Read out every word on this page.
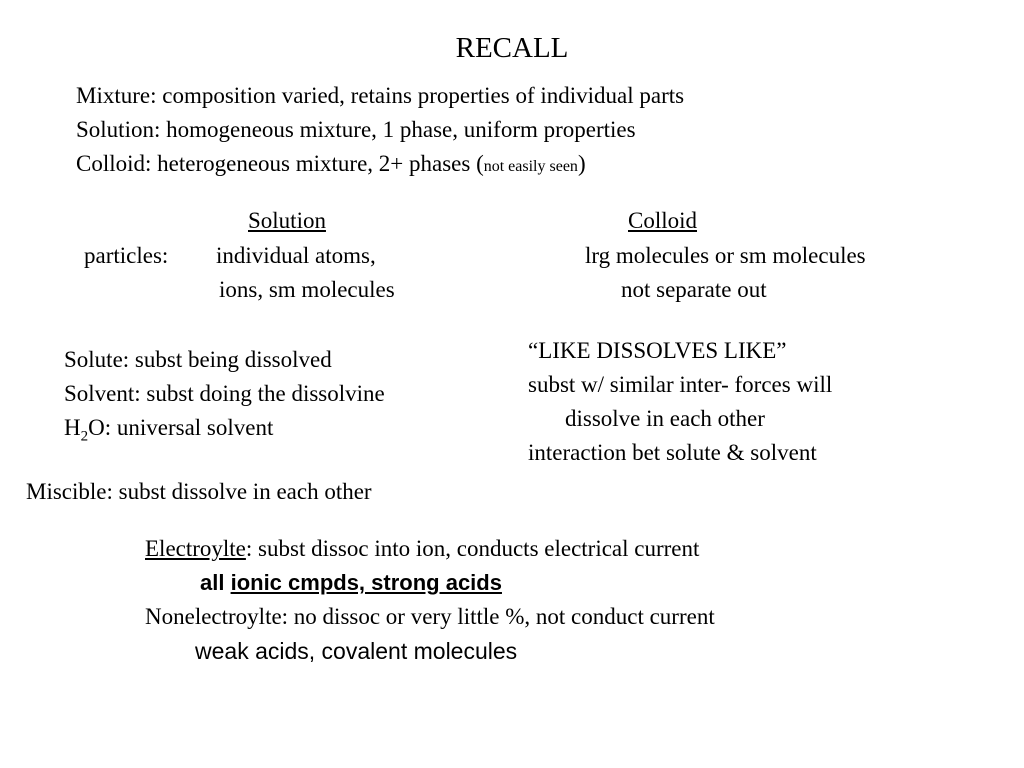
RECALL
Mixture: composition varied, retains properties of individual parts
Solution: homogeneous mixture, 1 phase, uniform properties
Colloid: heterogeneous mixture, 2+ phases (not easily seen)
Solution	Colloid
particles: individual atoms,
ions, sm molecules
lrg molecules or sm molecules
not separate out
Solute: subst being dissolved
Solvent: subst doing the dissolvine
$H_2O$: universal solvent
“LIKE DISSOLVES LIKE”
subst w/ similar inter- forces will
dissolve in each other
interaction bet solute & solvent
Miscible: subst dissolve in each other
Electroylte: subst dissoc into ion, conducts electrical current
all ionic cmpds, strong acids
Nonelectroylte: no dissoc or very little %, not conduct current
weak acids, covalent molecules
